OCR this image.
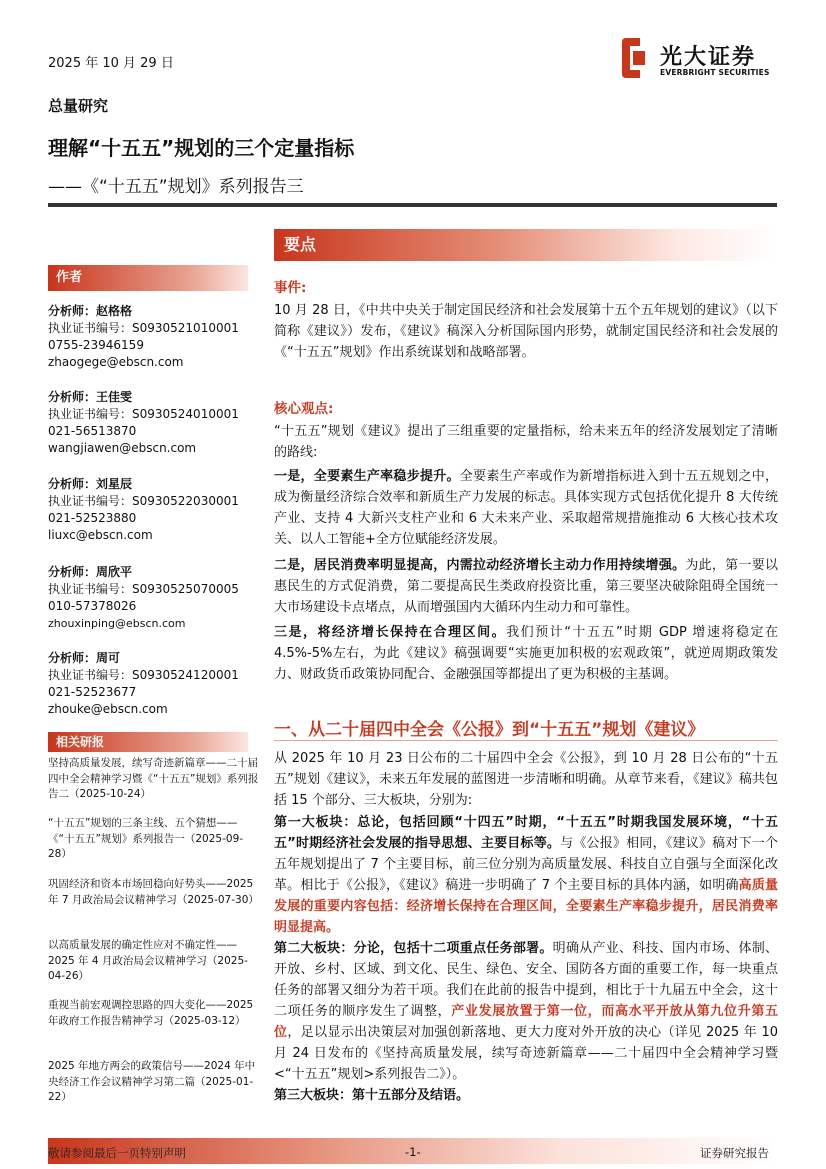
2025 年 10 月 29 日	光大证券
EVERBRIGHT SECURITIES
总量研究
理解“十五五”规划的三个定量指标
——《“十五五”规划》系列报告三
作者
分析师：赵格格
执业证书编号：S0930521010001
0755-23946159
zhaogege@ebscn.com
分析师：王佳雯
执业证书编号：S0930524010001
021-56513870
wangjiawen@ebscn.com
分析师：刘星辰
执业证书编号：S0930522030001
021-52523880
liuxc@ebscn.com
分析师：周欣平
执业证书编号：S0930525070005
010-57378026
zhouxinping@ebscn.com
分析师：周可
执业证书编号：S0930524120001
021-52523677
zhouke@ebscn.com
相关研报
坚持高质量发展，续写奇迹新篇章——二十届四中全会精神学习暨《“十五五”规划》系列报告二（2025-10-24）
“十五五”规划的三条主线、五个猜想——《“十五五”规划》系列报告一（2025-09-28）
巩固经济和资本市场回稳向好势头——2025年 7 月政治局会议精神学习（2025-07-30）
以高质量发展的确定性应对不确定性——2025 年 4 月政治局会议精神学习（2025-04-26）
重视当前宏观调控思路的四大变化——2025年政府工作报告精神学习（2025-03-12）
2025 年地方两会的政策信号——2024 年中央经济工作会议精神学习第二篇（2025-01-22）
要点
事件:
10 月 28 日，《中共中央关于制定国民经济和社会发展第十五个五年规划的建议》（以下简称《建议》）发布，《建议》稿深入分析国际国内形势，就制定国民经济和社会发展的《“十五五”规划》作出系统谋划和战略部署。
核心观点:
“十五五”规划《建议》提出了三组重要的定量指标，给未来五年的经济发展划定了清晰的路线:
一是，全要素生产率稳步提升。全要素生产率或作为新增指标进入到十五五规划之中，成为衡量经济综合效率和新质生产力发展的标志。具体实现方式包括优化提升 8 大传统产业、支持 4 大新兴支柱产业和 6 大未来产业、采取超常规措施推动 6 大核心技术攻关、以人工智能+全方位赋能经济发展。
二是，居民消费率明显提高，内需拉动经济增长主动力作用持续增强。为此，第一要以惠民生的方式促消费，第二要提高民生类政府投资比重，第三要坚决破除阻碍全国统一大市场建设卡点堵点，从而增强国内大循环内生动力和可靠性。
三是，将经济增长保持在合理区间。我们预计“十五五”时期 GDP 增速将稳定在 4.5%-5%左右，为此《建议》稿强调要“实施更加积极的宏观政策”，就逆周期政策发力、财政货币政策协同配合、金融强国等都提出了更为积极的主基调。
一、从二十届四中全会《公报》到“十五五”规划《建议》
从 2025 年 10 月 23 日公布的二十届四中全会《公报》，到 10 月 28 日公布的“十五五”规划《建议》，未来五年发展的蓝图进一步清晰和明确。从章节来看，《建议》稿共包括 15 个部分、三大板块，分别为:
第一大板块：总论，包括回顾“十四五”时期，“十五五”时期我国发展环境，“十五五”时期经济社会发展的指导思想、主要目标等。与《公报》相同，《建议》稿对下一个五年规划提出了 7 个主要目标，前三位分别为高质量发展、科技自立自强与全面深化改革。相比于《公报》，《建议》稿进一步明确了 7 个主要目标的具体内涵，如明确高质量发展的重要内容包括：经济增长保持在合理区间，全要素生产率稳步提升，居民消费率明显提高。
第二大板块：分论，包括十二项重点任务部署。明确从产业、科技、国内市场、体制、开放、乡村、区域、到文化、民生、绿色、安全、国防各方面的重要工作，每一块重点任务的部署又细分为若干项。我们在此前的报告中提到，相比于十九届五中全会，这十二项任务的顺序发生了调整，产业发展放置于第一位，而高水平开放从第九位升第五位，足以显示出决策层对加强创新落地、更大力度对外开放的决心（详见 2025 年 10 月 24 日发布的《坚持高质量发展，续写奇迹新篇章——二十届四中全会精神学习暨<“十五五”规划>系列报告二》）。
第三大板块：第十五部分及结语。
敬请参阅最后一页特别声明	-1-	证券研究报告
